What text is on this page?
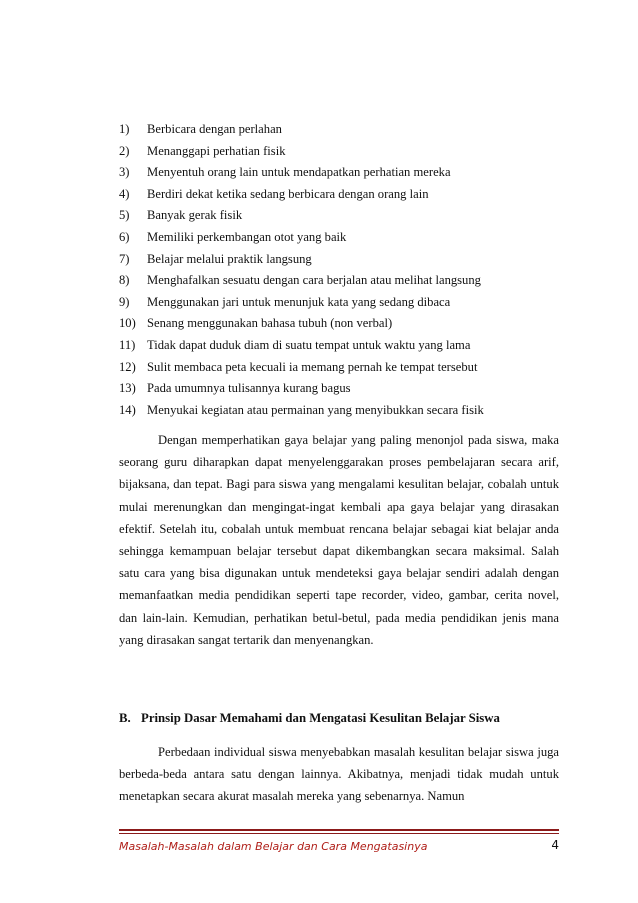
1) Berbicara dengan perlahan
2) Menanggapi perhatian fisik
3) Menyentuh orang lain untuk mendapatkan perhatian mereka
4) Berdiri dekat ketika sedang berbicara dengan orang lain
5) Banyak gerak fisik
6) Memiliki perkembangan otot yang baik
7) Belajar melalui praktik langsung
8) Menghafalkan sesuatu dengan cara berjalan atau melihat langsung
9) Menggunakan jari untuk menunjuk kata yang sedang dibaca
10) Senang menggunakan bahasa tubuh (non verbal)
11) Tidak dapat duduk diam di suatu tempat untuk waktu yang lama
12) Sulit membaca peta kecuali ia memang pernah ke tempat tersebut
13) Pada umumnya tulisannya kurang bagus
14) Menyukai kegiatan atau permainan yang menyibukkan secara fisik

Dengan memperhatikan gaya belajar yang paling menonjol pada siswa, maka seorang guru diharapkan dapat menyelenggarakan proses pembelajaran secara arif, bijaksana, dan tepat. Bagi para siswa yang mengalami kesulitan belajar, cobalah untuk mulai merenungkan dan mengingat-ingat kembali apa gaya belajar yang dirasakan efektif. Setelah itu, cobalah untuk membuat rencana belajar sebagai kiat belajar anda sehingga kemampuan belajar tersebut dapat dikembangkan secara maksimal. Salah satu cara yang bisa digunakan untuk mendeteksi gaya belajar sendiri adalah dengan memanfaatkan media pendidikan seperti tape recorder, video, gambar, cerita novel, dan lain-lain. Kemudian, perhatikan betul-betul, pada media pendidikan jenis mana yang dirasakan sangat tertarik dan menyenangkan.

B. Prinsip Dasar Memahami dan Mengatasi Kesulitan Belajar Siswa

Perbedaan individual siswa menyebabkan masalah kesulitan belajar siswa juga berbeda-beda antara satu dengan lainnya. Akibatnya, menjadi tidak mudah untuk menetapkan secara akurat masalah mereka yang sebenarnya. Namun

Masalah-Masalah dalam Belajar dan Cara Mengatasinya	4
